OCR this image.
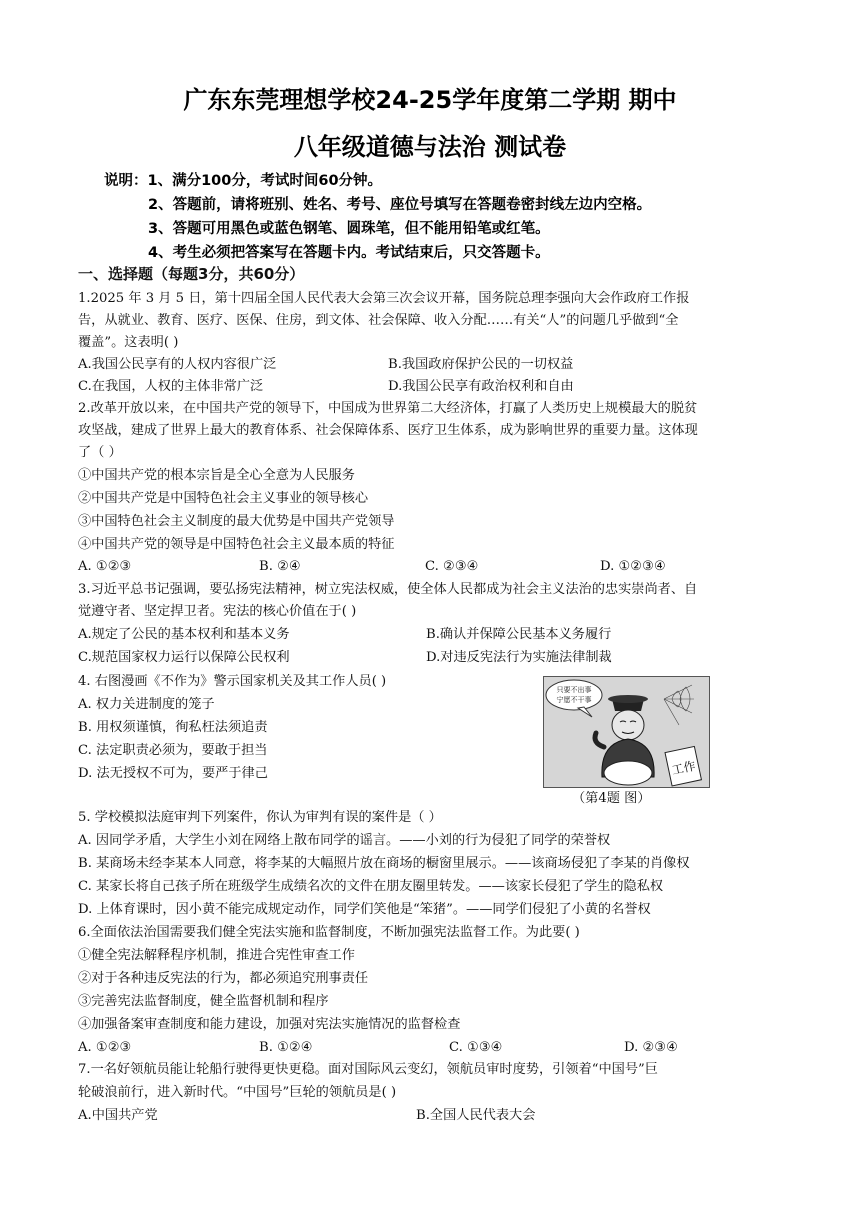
广东东莞理想学校24-25学年度第二学期 期中
八年级道德与法治 测试卷
说明：1、满分100分，考试时间60分钟。
2、答题前，请将班别、姓名、考号、座位号填写在答题卷密封线左边内空格。
3、答题可用黑色或蓝色钢笔、圆珠笔，但不能用铅笔或红笔。
4、考生必须把答案写在答题卡内。考试结束后，只交答题卡。
一、选择题（每题3分，共60分）
1.2025 年 3 月 5 日，第十四届全国人民代表大会第三次会议开幕，国务院总理李强向大会作政府工作报
告，从就业、教育、医疗、医保、住房，到文体、社会保障、收入分配……有关“人”的问题几乎做到“全
覆盖”。这表明( )
A.我国公民享有的人权内容很广泛	B.我国政府保护公民的一切权益
C.在我国，人权的主体非常广泛	D.我国公民享有政治权利和自由
2.改革开放以来，在中国共产党的领导下，中国成为世界第二大经济体，打赢了人类历史上规模最大的脱贫
攻坚战，建成了世界上最大的教育体系、社会保障体系、医疗卫生体系，成为影响世界的重要力量。这体现
了（ ）
①中国共产党的根本宗旨是全心全意为人民服务
②中国共产党是中国特色社会主义事业的领导核心
③中国特色社会主义制度的最大优势是中国共产党领导
④中国共产党的领导是中国特色社会主义最本质的特征
A. ①②③	B. ②④	C. ②③④	D. ①②③④
3.习近平总书记强调，要弘扬宪法精神，树立宪法权威，使全体人民都成为社会主义法治的忠实崇尚者、自
觉遵守者、坚定捍卫者。宪法的核心价值在于( )
A.规定了公民的基本权利和基本义务	B.确认并保障公民基本义务履行
C.规范国家权力运行以保障公民权利	D.对违反宪法行为实施法律制裁
4. 右图漫画《不作为》警示国家机关及其工作人员( )
A. 权力关进制度的笼子
B. 用权须谨慎，徇私枉法须追责
C. 法定职责必须为，要敢于担当
D. 法无授权不可为，要严于律己
只要不出事
宁愿不干事
工作
（第4题 图）
5. 学校模拟法庭审判下列案件，你认为审判有误的案件是（ ）
A. 因同学矛盾，大学生小刘在网络上散布同学的谣言。——小刘的行为侵犯了同学的荣誉权
B. 某商场未经李某本人同意，将李某的大幅照片放在商场的橱窗里展示。——该商场侵犯了李某的肖像权
C. 某家长将自己孩子所在班级学生成绩名次的文件在朋友圈里转发。——该家长侵犯了学生的隐私权
D. 上体育课时，因小黄不能完成规定动作，同学们笑他是“笨猪”。——同学们侵犯了小黄的名誉权
6.全面依法治国需要我们健全宪法实施和监督制度，不断加强宪法监督工作。为此要( )
①健全宪法解释程序机制，推进合宪性审查工作
②对于各种违反宪法的行为，都必须追究刑事责任
③完善宪法监督制度，健全监督机制和程序
④加强备案审查制度和能力建设，加强对宪法实施情况的监督检查
A. ①②③	B. ①②④	C. ①③④	D. ②③④
7.一名好领航员能让轮船行驶得更快更稳。面对国际风云变幻，领航员审时度势，引领着“中国号”巨
轮破浪前行，进入新时代。“中国号”巨轮的领航员是( )
A.中国共产党	B.全国人民代表大会
